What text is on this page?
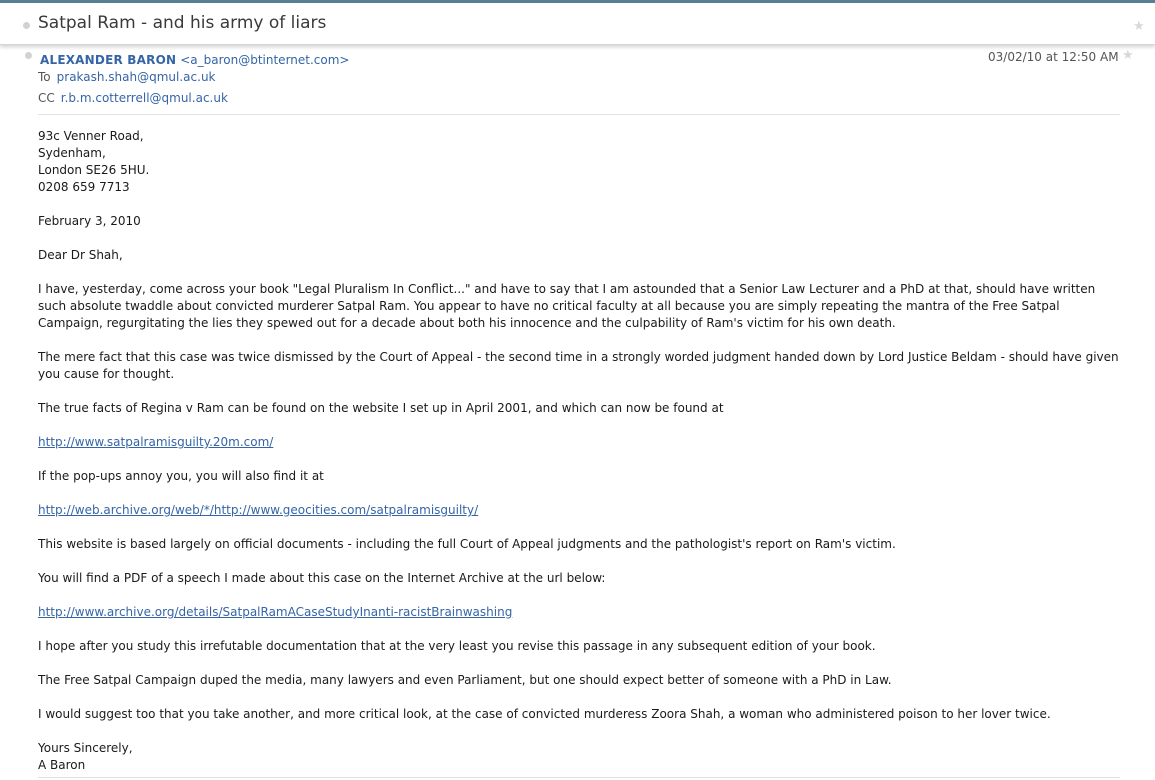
Satpal Ram - and his army of liars	★
ALEXANDER BARON <a_baron@btinternet.com>	03/02/10 at 12:50 AM ★
To prakash.shah@qmul.ac.uk
CC r.b.m.cotterrell@qmul.ac.uk

93c Venner Road,
Sydenham,
London SE26 5HU.
0208 659 7713

February 3, 2010

Dear Dr Shah,

I have, yesterday, come across your book "Legal Pluralism In Conflict..." and have to say that I am astounded that a Senior Law Lecturer and a PhD at that, should have written such absolute twaddle about convicted murderer Satpal Ram. You appear to have no critical faculty at all because you are simply repeating the mantra of the Free Satpal Campaign, regurgitating the lies they spewed out for a decade about both his innocence and the culpability of Ram's victim for his own death.

The mere fact that this case was twice dismissed by the Court of Appeal - the second time in a strongly worded judgment handed down by Lord Justice Beldam - should have given you cause for thought.

The true facts of Regina v Ram can be found on the website I set up in April 2001, and which can now be found at

http://www.satpalramisguilty.20m.com/

If the pop-ups annoy you, you will also find it at

http://web.archive.org/web/*/http://www.geocities.com/satpalramisguilty/

This website is based largely on official documents - including the full Court of Appeal judgments and the pathologist's report on Ram's victim.

You will find a PDF of a speech I made about this case on the Internet Archive at the url below:

http://www.archive.org/details/SatpalRamACaseStudyInanti-racistBrainwashing

I hope after you study this irrefutable documentation that at the very least you revise this passage in any subsequent edition of your book.

The Free Satpal Campaign duped the media, many lawyers and even Parliament, but one should expect better of someone with a PhD in Law.

I would suggest too that you take another, and more critical look, at the case of convicted murderess Zoora Shah, a woman who administered poison to her lover twice.

Yours Sincerely,
A Baron
